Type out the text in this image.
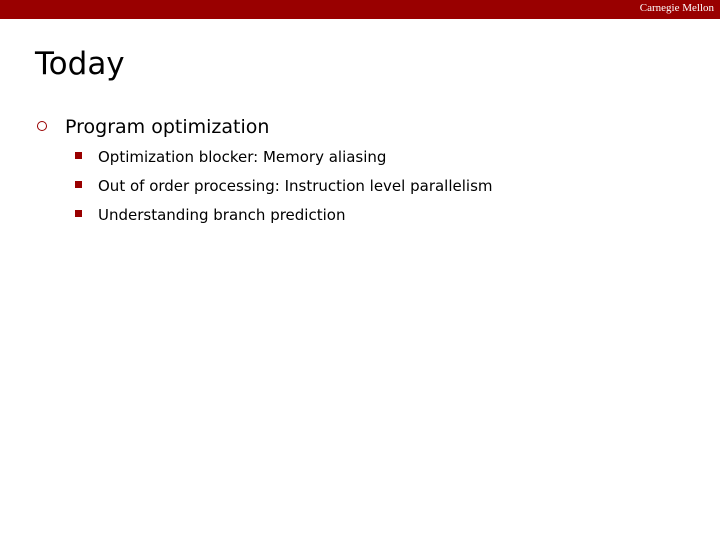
Carnegie Mellon
Today
Program optimization
Optimization blocker: Memory aliasing
Out of order processing: Instruction level parallelism
Understanding branch prediction
